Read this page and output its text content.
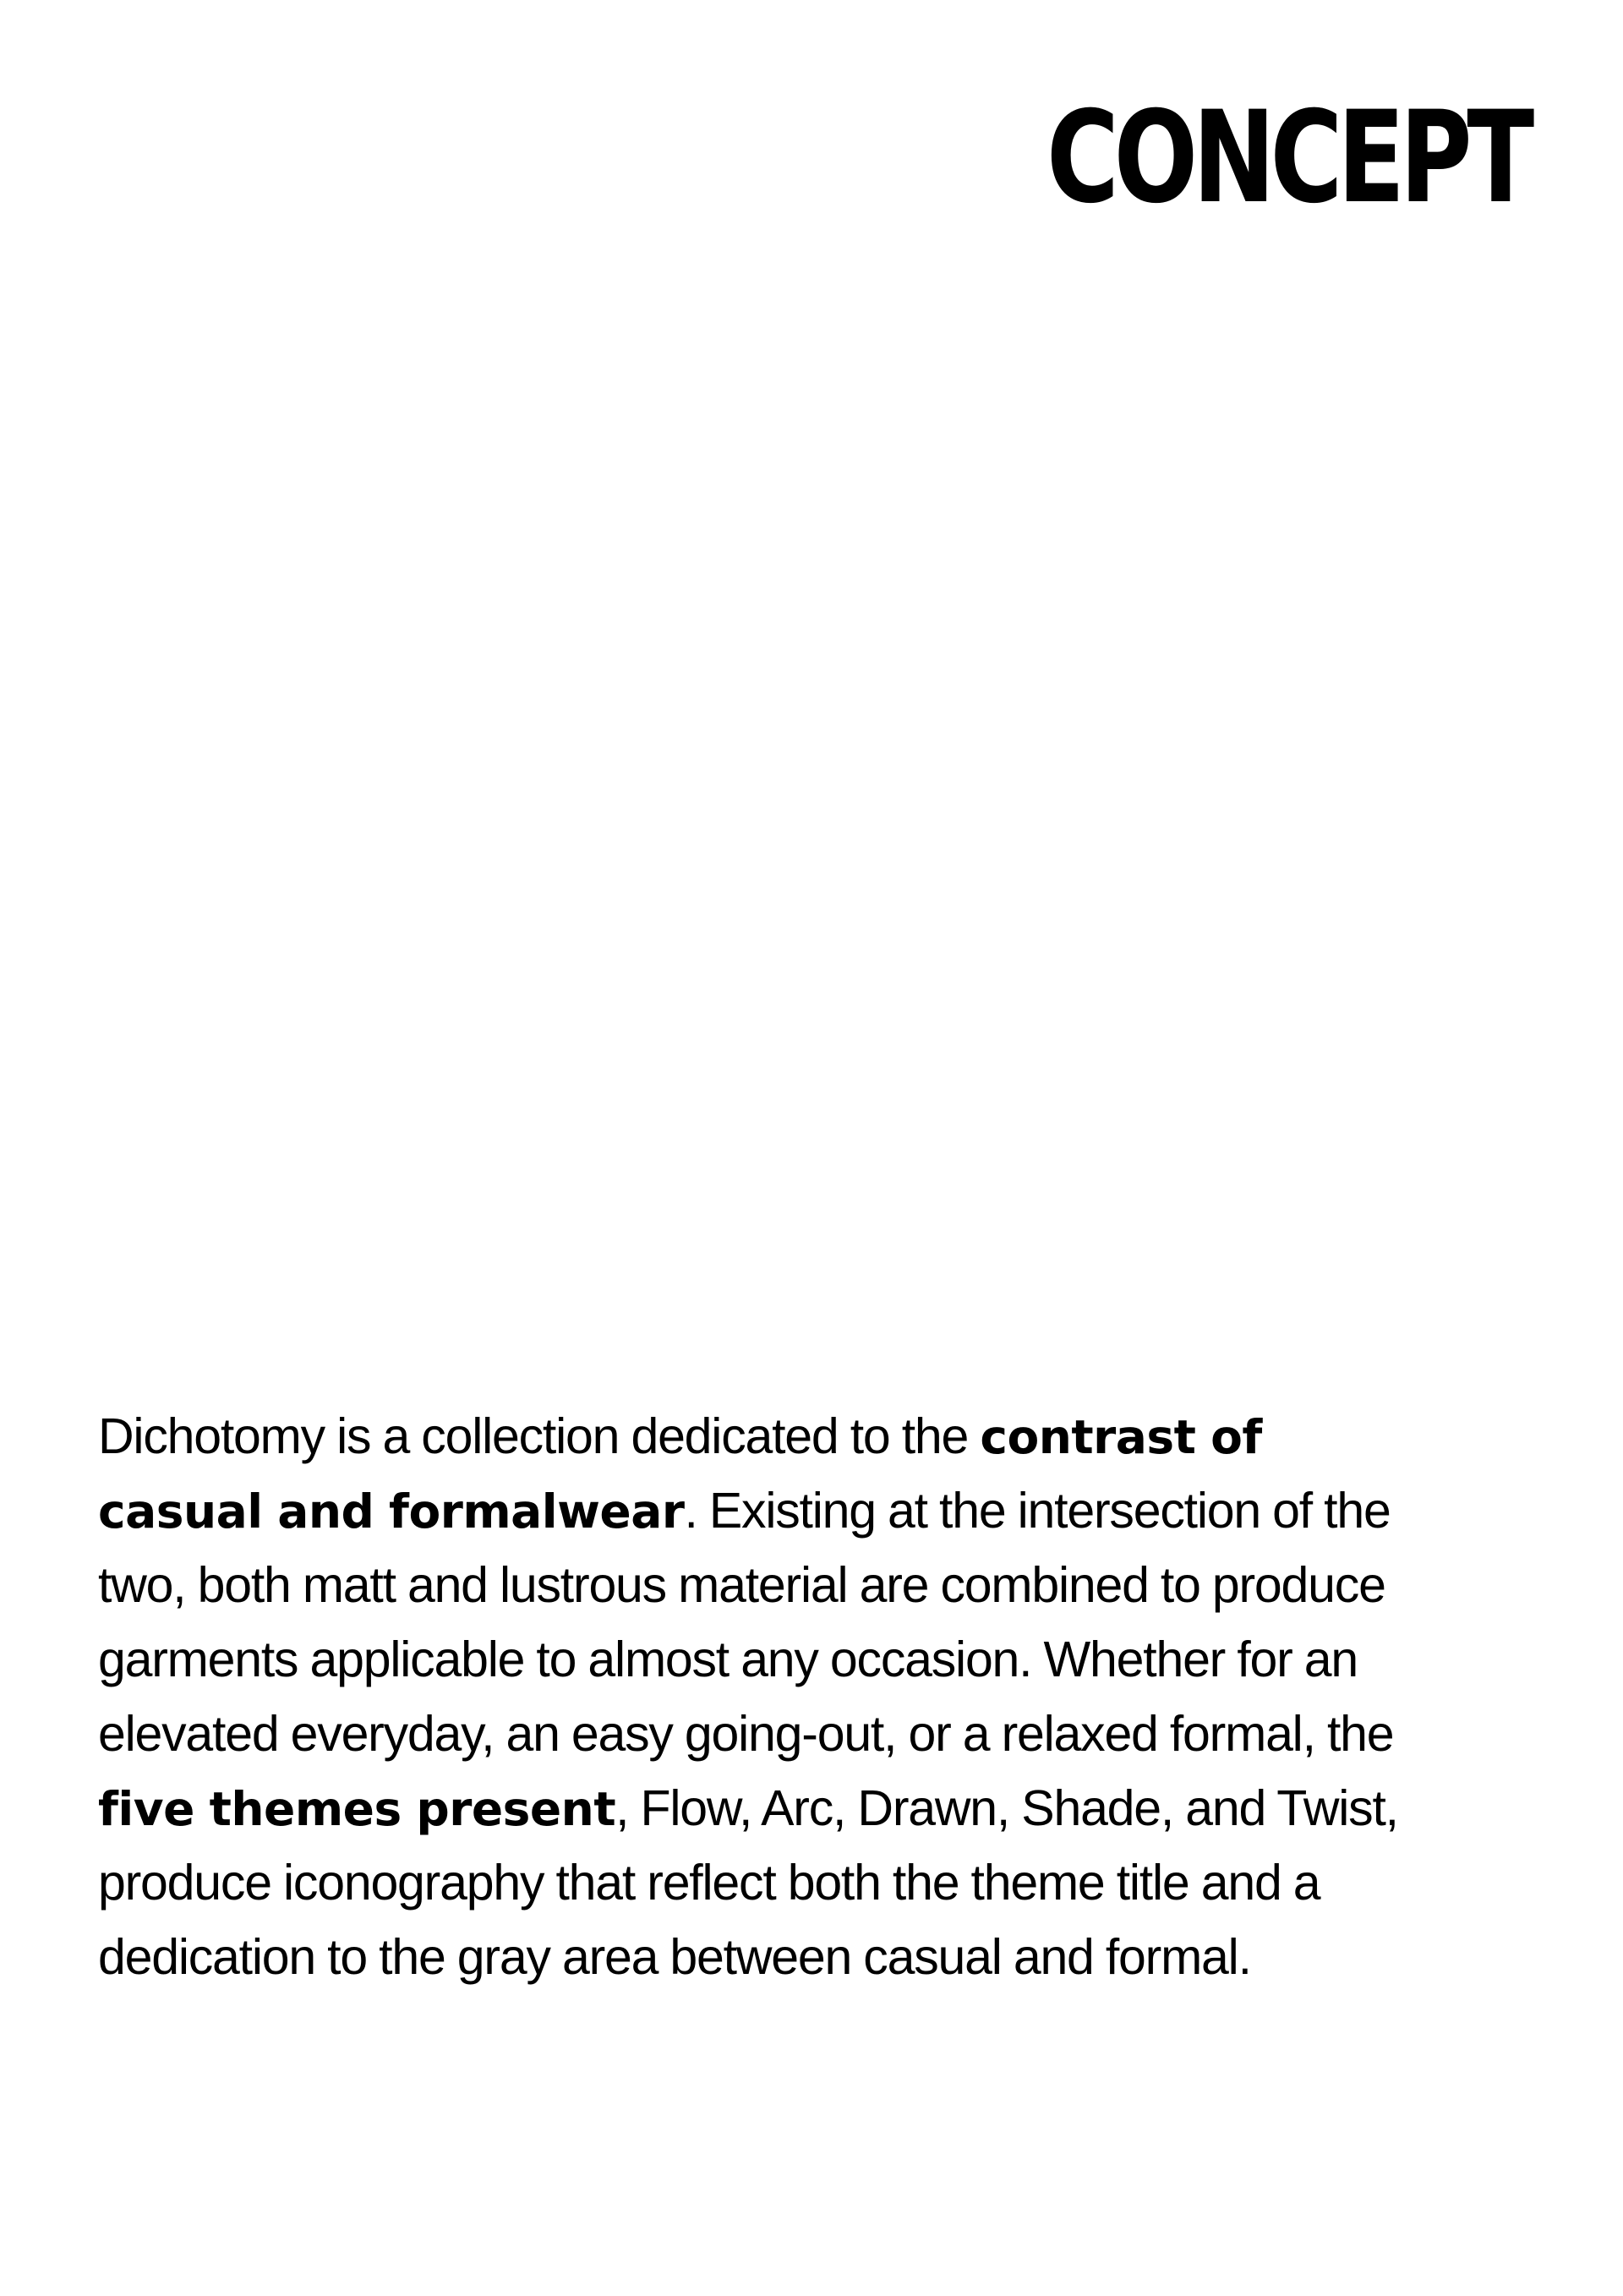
CONCEPT

Dichotomy is a collection dedicated to the contrast of
casual and formalwear. Existing at the intersection of the
two, both matt and lustrous material are combined to produce
garments applicable to almost any occasion. Whether for an
elevated everyday, an easy going-out, or a relaxed formal, the
five themes present, Flow, Arc, Drawn, Shade, and Twist,
produce iconography that reflect both the theme title and a
dedication to the gray area between casual and formal.
